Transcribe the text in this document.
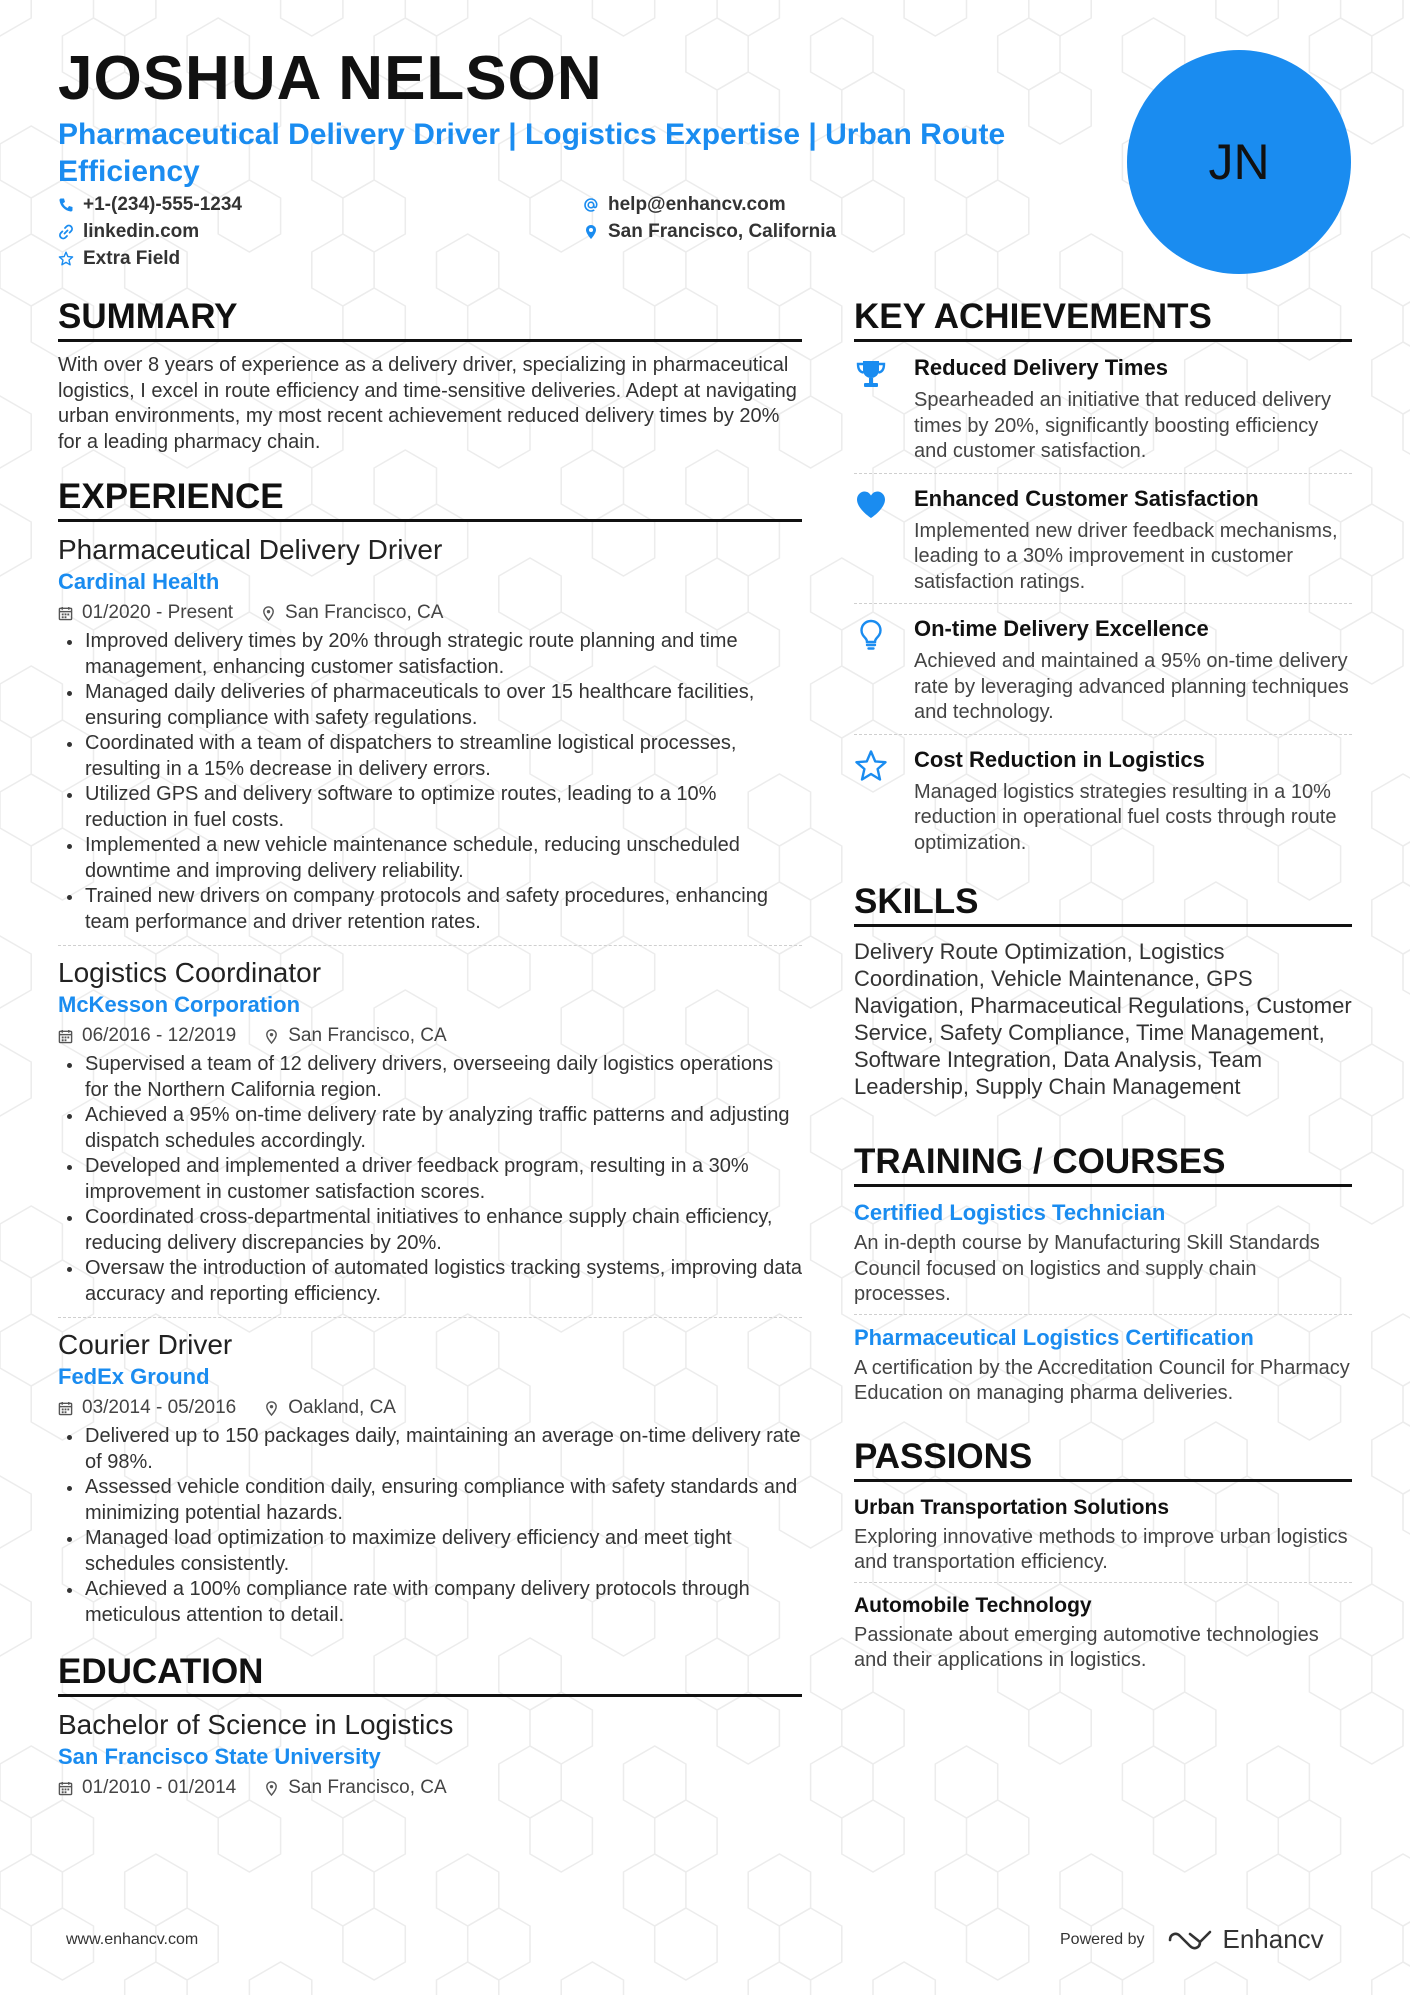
JOSHUA NELSON
Pharmaceutical Delivery Driver | Logistics Expertise | Urban Route Efficiency
+1-(234)-555-1234
linkedin.com
Extra Field
help@enhancv.com
San Francisco, California
JN
SUMMARY
With over 8 years of experience as a delivery driver, specializing in pharmaceutical logistics, I excel in route efficiency and time-sensitive deliveries. Adept at navigating urban environments, my most recent achievement reduced delivery times by 20% for a leading pharmacy chain.
EXPERIENCE
Pharmaceutical Delivery Driver
Cardinal Health
01/2020 - Present	San Francisco, CA
Improved delivery times by 20% through strategic route planning and time management, enhancing customer satisfaction.
Managed daily deliveries of pharmaceuticals to over 15 healthcare facilities, ensuring compliance with safety regulations.
Coordinated with a team of dispatchers to streamline logistical processes, resulting in a 15% decrease in delivery errors.
Utilized GPS and delivery software to optimize routes, leading to a 10% reduction in fuel costs.
Implemented a new vehicle maintenance schedule, reducing unscheduled downtime and improving delivery reliability.
Trained new drivers on company protocols and safety procedures, enhancing team performance and driver retention rates.
Logistics Coordinator
McKesson Corporation
06/2016 - 12/2019	San Francisco, CA
Supervised a team of 12 delivery drivers, overseeing daily logistics operations for the Northern California region.
Achieved a 95% on-time delivery rate by analyzing traffic patterns and adjusting dispatch schedules accordingly.
Developed and implemented a driver feedback program, resulting in a 30% improvement in customer satisfaction scores.
Coordinated cross-departmental initiatives to enhance supply chain efficiency, reducing delivery discrepancies by 20%.
Oversaw the introduction of automated logistics tracking systems, improving data accuracy and reporting efficiency.
Courier Driver
FedEx Ground
03/2014 - 05/2016	Oakland, CA
Delivered up to 150 packages daily, maintaining an average on-time delivery rate of 98%.
Assessed vehicle condition daily, ensuring compliance with safety standards and minimizing potential hazards.
Managed load optimization to maximize delivery efficiency and meet tight schedules consistently.
Achieved a 100% compliance rate with company delivery protocols through meticulous attention to detail.
EDUCATION
Bachelor of Science in Logistics
San Francisco State University
01/2010 - 01/2014	San Francisco, CA
KEY ACHIEVEMENTS
Reduced Delivery Times
Spearheaded an initiative that reduced delivery times by 20%, significantly boosting efficiency and customer satisfaction.
Enhanced Customer Satisfaction
Implemented new driver feedback mechanisms, leading to a 30% improvement in customer satisfaction ratings.
On-time Delivery Excellence
Achieved and maintained a 95% on-time delivery rate by leveraging advanced planning techniques and technology.
Cost Reduction in Logistics
Managed logistics strategies resulting in a 10% reduction in operational fuel costs through route optimization.
SKILLS
Delivery Route Optimization, Logistics Coordination, Vehicle Maintenance, GPS Navigation, Pharmaceutical Regulations, Customer Service, Safety Compliance, Time Management, Software Integration, Data Analysis, Team Leadership, Supply Chain Management
TRAINING / COURSES
Certified Logistics Technician
An in-depth course by Manufacturing Skill Standards Council focused on logistics and supply chain processes.
Pharmaceutical Logistics Certification
A certification by the Accreditation Council for Pharmacy Education on managing pharma deliveries.
PASSIONS
Urban Transportation Solutions
Exploring innovative methods to improve urban logistics and transportation efficiency.
Automobile Technology
Passionate about emerging automotive technologies and their applications in logistics.
www.enhancv.com	Powered by	Enhancv
